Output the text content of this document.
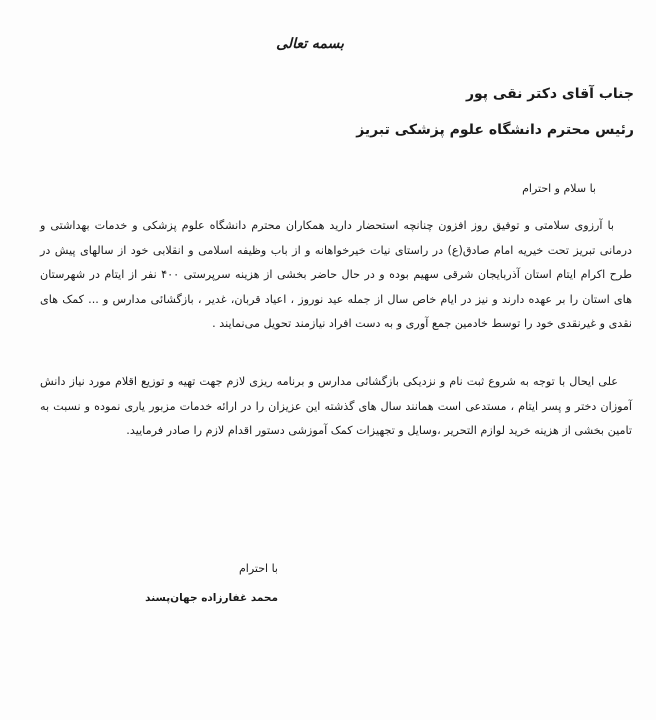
بسمه تعالی
جناب آقای دکتر نقی پور
رئیس محترم دانشگاه علوم پزشکی تبریز
با سلام و احترام
با آرزوی سلامتی و توفیق روز افزون چنانچه استحضار دارید همکاران محترم دانشگاه علوم پزشکی و خدمات بهداشتی و درمانی تبریز تحت خیریه امام صادق(ع) در راستای نیات خیرخواهانه و از باب وظیفه اسلامی و انقلابی خود از سالهای پیش در طرح اکرام ایتام استان آذربایجان شرقی سهیم بوده و در حال حاضر بخشی از هزینه سرپرستی ۴۰۰ نفر از ایتام در شهرستان های استان را بر عهده دارند و نیز در ایام خاص سال از جمله عید نوروز ، اعیاد قربان، غدیر ، بازگشائی مدارس و ... کمک های نقدی و غیرنقدی خود را توسط خادمین جمع آوری و به دست افراد نیازمند تحویل می‌نمایند .
علی ایحال با توجه به شروع ثبت نام و نزدیکی بازگشائی مدارس و برنامه ریزی لازم جهت تهیه و توزیع اقلام مورد نیاز دانش آموزان دختر و پسر ایتام ، مستدعی است همانند سال های گذشته این عزیزان را در ارائه خدمات مزبور یاری نموده و نسبت به تامین بخشی از هزینه خرید لوازم التحریر ،وسایل و تجهیزات کمک آموزشی دستور اقدام لازم را صادر فرمایید.
با احترام
محمد غفارزاده جهان‌پسند
